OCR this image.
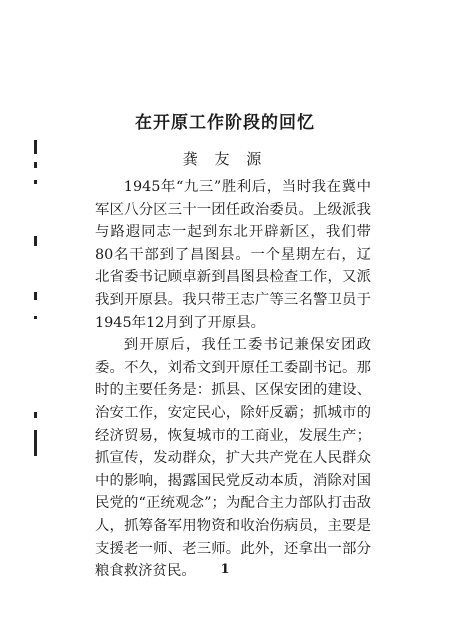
在开原工作阶段的回忆
龚 友 源

1945年“九三”胜利后，当时我在冀中军区八分区三十一团任政治委员。上级派我与路遐同志一起到东北开辟新区，我们带80名干部到了昌图县。一个星期左右，辽北省委书记顾卓新到昌图县检查工作，又派我到开原县。我只带王志广等三名警卫员于1945年12月到了开原县。

到开原后，我任工委书记兼保安团政委。不久，刘希文到开原任工委副书记。那时的主要任务是：抓县、区保安团的建设、治安工作，安定民心，除奸反霸；抓城市的经济贸易，恢复城市的工商业，发展生产；抓宣传，发动群众，扩大共产党在人民群众中的影响，揭露国民党反动本质，消除对国民党的“正统观念”；为配合主力部队打击敌人，抓筹备军用物资和收治伤病员，主要是支援老一师、老三师。此外，还拿出一部分粮食救济贫民。	1
